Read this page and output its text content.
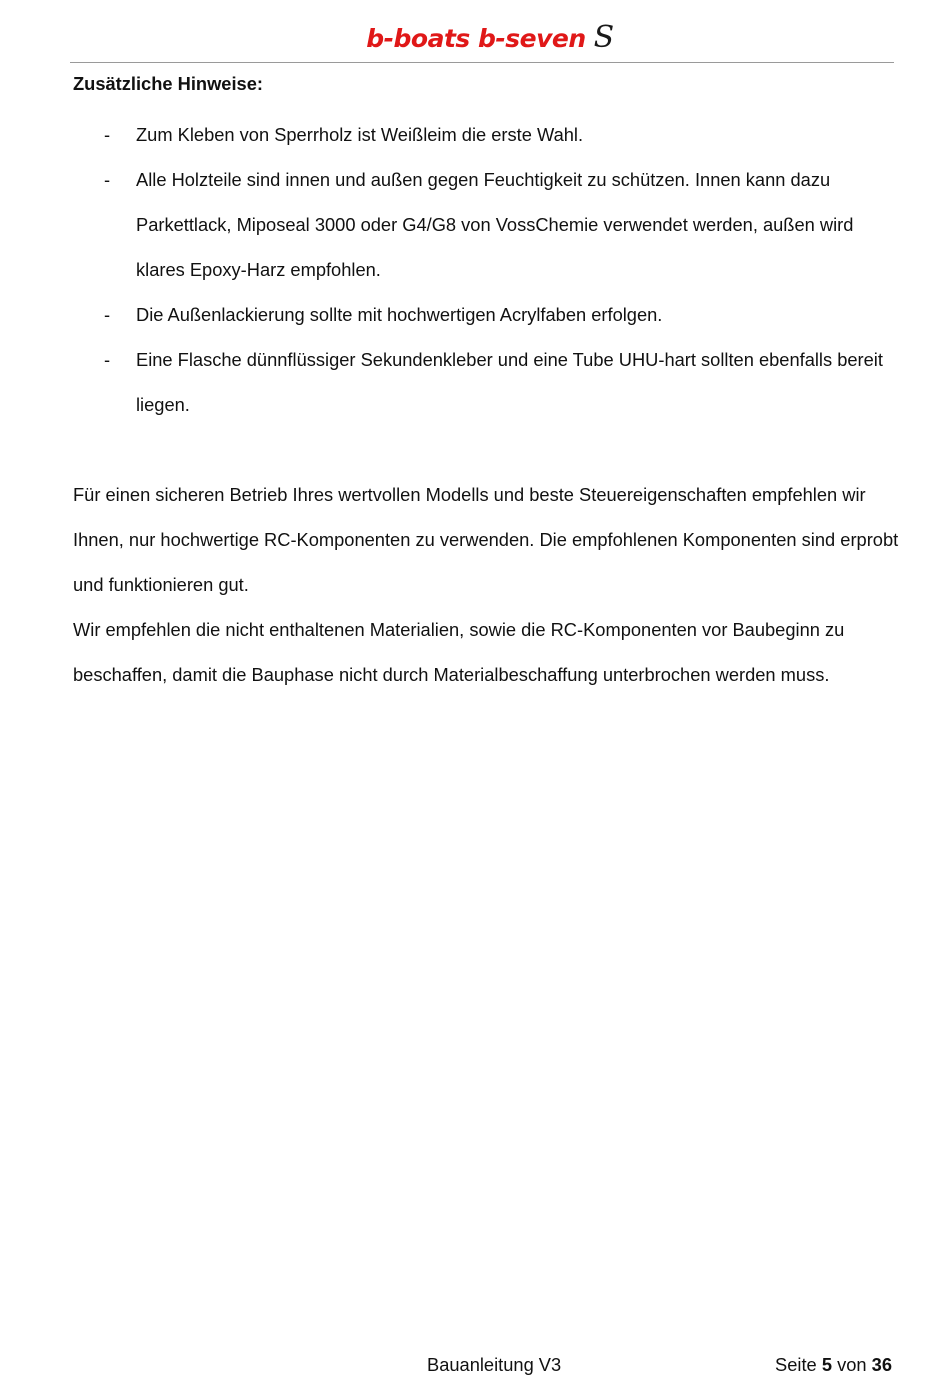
b-boats b-seven S
Zusätzliche Hinweise:
- Zum Kleben von Sperrholz ist Weißleim die erste Wahl.
- Alle Holzteile sind innen und außen gegen Feuchtigkeit zu schützen. Innen kann dazu Parkettlack, Miposeal 3000 oder G4/G8 von VossChemie verwendet werden, außen wird klares Epoxy-Harz empfohlen.
- Die Außenlackierung sollte mit hochwertigen Acrylfaben erfolgen.
- Eine Flasche dünnflüssiger Sekundenkleber und eine Tube UHU-hart sollten ebenfalls bereit liegen.

Für einen sicheren Betrieb Ihres wertvollen Modells und beste Steuereigenschaften empfehlen wir Ihnen, nur hochwertige RC-Komponenten zu verwenden. Die empfohlenen Komponenten sind erprobt und funktionieren gut.

Wir empfehlen die nicht enthaltenen Materialien, sowie die RC-Komponenten vor Baubeginn zu beschaffen, damit die Bauphase nicht durch Materialbeschaffung unterbrochen werden muss.

Bauanleitung V3	Seite 5 von 36
